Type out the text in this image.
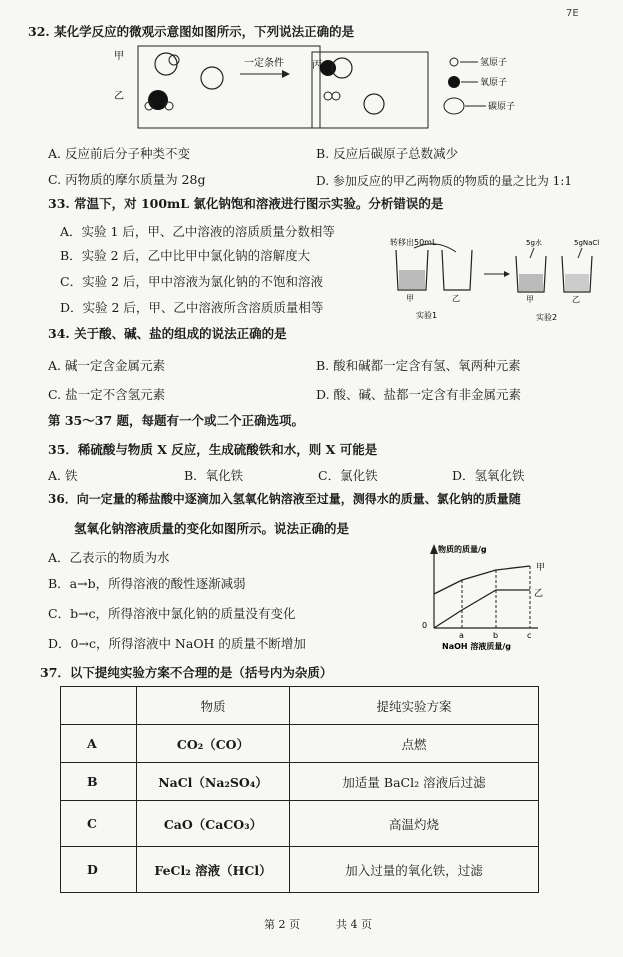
7E
32. 某化学反应的微观示意图如图所示，下列说法正确的是
甲
乙
一定条件	丙	氢原子
氧原子
碳原子
A. 反应前后分子种类不变	B. 反应后碳原子总数减少
C. 丙物质的摩尔质量为 28g	D. 参加反应的甲乙两物质的物质的量之比为 1:1
33. 常温下，对 100mL 氯化钠饱和溶液进行图示实验。分析错误的是
A．实验 1 后，甲、乙中溶液的溶质质量分数相等
B．实验 2 后，乙中比甲中氯化钠的溶解度大
C．实验 2 后，甲中溶液为氯化钠的不饱和溶液
D．实验 2 后，甲、乙中溶液所含溶质质量相等
转移出50mL
甲	乙
实验1
5g水	5gNaCl
甲	乙
实验2
34. 关于酸、碱、盐的组成的说法正确的是
A. 碱一定含金属元素	B. 酸和碱都一定含有氢、氧两种元素
C. 盐一定不含氢元素	D. 酸、碱、盐都一定含有非金属元素
第 35～37 题，每题有一个或二个正确选项。
35．稀硫酸与物质 X 反应，生成硫酸铁和水，则 X 可能是
A. 铁	B．氧化铁	C．氯化铁	D．氢氧化铁
36．向一定量的稀盐酸中逐滴加入氢氧化钠溶液至过量，测得水的质量、氯化钠的质量随
氢氧化钠溶液质量的变化如图所示。说法正确的是
A．乙表示的物质为水
B．a→b，所得溶液的酸性逐渐减弱
C．b→c，所得溶液中氯化钠的质量没有变化
D．0→c，所得溶液中 NaOH 的质量不断增加
物质的质量/g
甲
乙
0
a	b	c
NaOH 溶液质量/g
37．以下提纯实验方案不合理的是（括号内为杂质）
	物质	提纯实验方案
A	CO₂（CO）	点燃
B	NaCl（Na₂SO₄）	加适量 BaCl₂ 溶液后过滤
C	CaO（CaCO₃）	高温灼烧
D	FeCl₂ 溶液（HCl）	加入过量的氧化铁，过滤
第 2 页	共 4 页
